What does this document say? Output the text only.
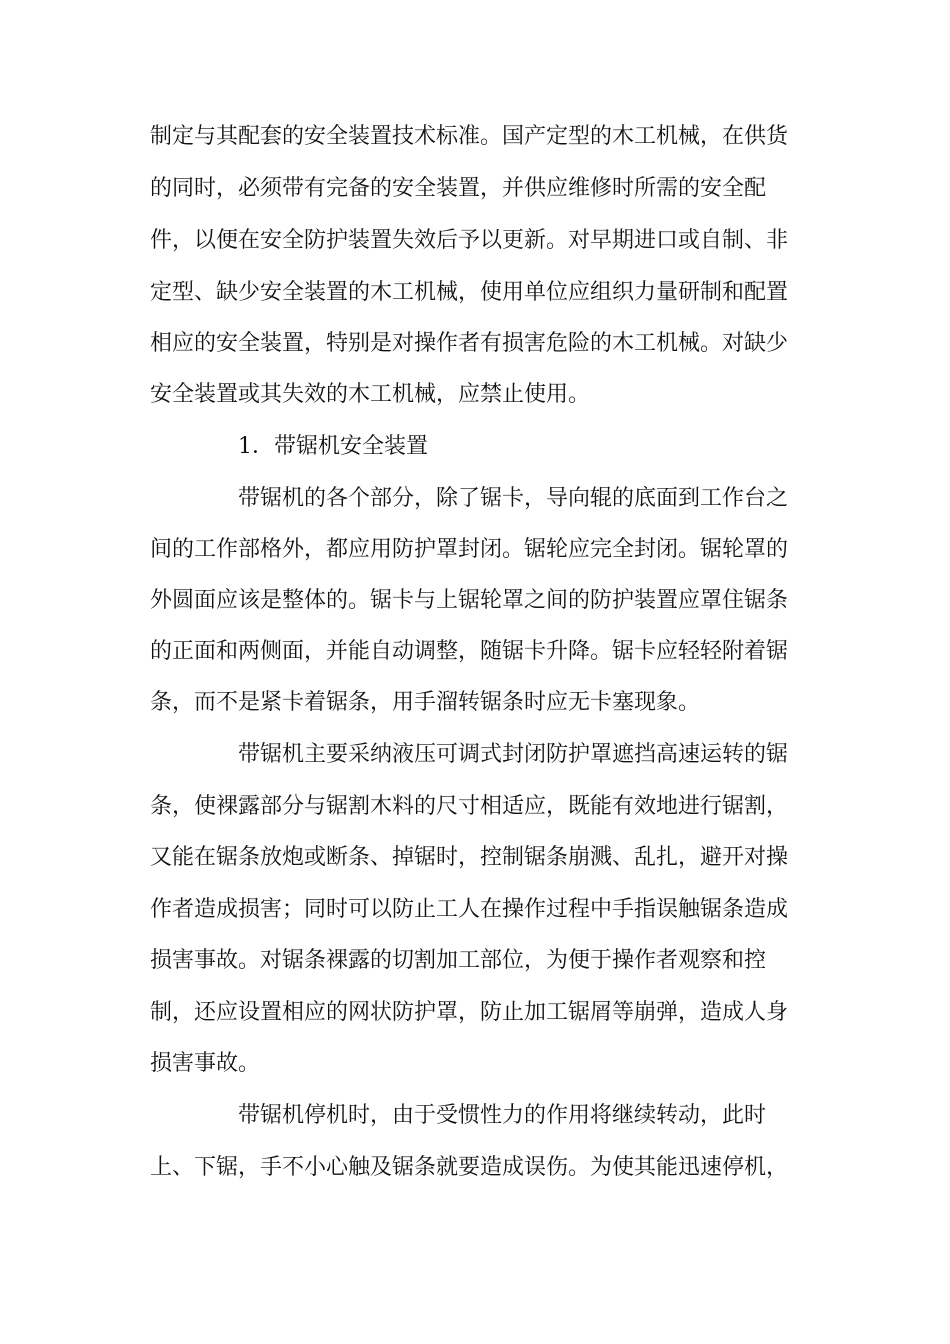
制定与其配套的安全装置技术标准。国产定型的木工机械，在供货
的同时，必须带有完备的安全装置，并供应维修时所需的安全配
件，以便在安全防护装置失效后予以更新。对早期进口或自制、非
定型、缺少安全装置的木工机械，使用单位应组织力量研制和配置
相应的安全装置，特别是对操作者有损害危险的木工机械。对缺少
安全装置或其失效的木工机械，应禁止使用。
1．带锯机安全装置
带锯机的各个部分，除了锯卡，导向辊的底面到工作台之
间的工作部格外，都应用防护罩封闭。锯轮应完全封闭。锯轮罩的
外圆面应该是整体的。锯卡与上锯轮罩之间的防护装置应罩住锯条
的正面和两侧面，并能自动调整，随锯卡升降。锯卡应轻轻附着锯
条，而不是紧卡着锯条，用手溜转锯条时应无卡塞现象。
带锯机主要采纳液压可调式封闭防护罩遮挡高速运转的锯
条，使裸露部分与锯割木料的尺寸相适应，既能有效地进行锯割，
又能在锯条放炮或断条、掉锯时，控制锯条崩溅、乱扎，避开对操
作者造成损害；同时可以防止工人在操作过程中手指误触锯条造成
损害事故。对锯条裸露的切割加工部位，为便于操作者观察和控
制，还应设置相应的网状防护罩，防止加工锯屑等崩弹，造成人身
损害事故。
带锯机停机时，由于受惯性力的作用将继续转动，此时
上、下锯，手不小心触及锯条就要造成误伤。为使其能迅速停机，
